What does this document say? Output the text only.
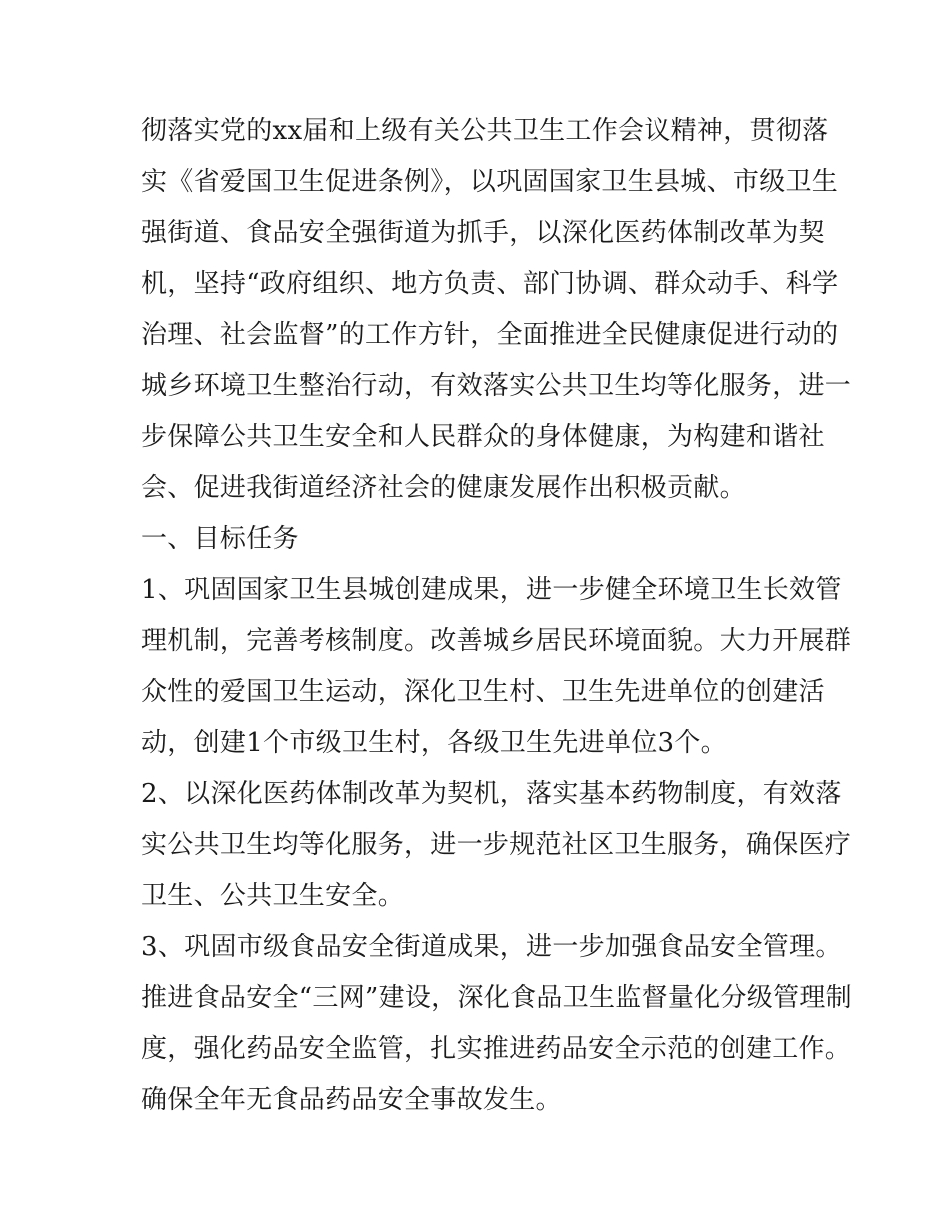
彻落实党的xx届和上级有关公共卫生工作会议精神，贯彻落
实《省爱国卫生促进条例》，以巩固国家卫生县城、市级卫生
强街道、食品安全强街道为抓手，以深化医药体制改革为契
机，坚持“政府组织、地方负责、部门协调、群众动手、科学
治理、社会监督”的工作方针，全面推进全民健康促进行动的
城乡环境卫生整治行动，有效落实公共卫生均等化服务，进一
步保障公共卫生安全和人民群众的身体健康，为构建和谐社
会、促进我街道经济社会的健康发展作出积极贡献。
一、目标任务
1、巩固国家卫生县城创建成果，进一步健全环境卫生长效管
理机制，完善考核制度。改善城乡居民环境面貌。大力开展群
众性的爱国卫生运动，深化卫生村、卫生先进单位的创建活
动，创建1个市级卫生村，各级卫生先进单位3个。
2、以深化医药体制改革为契机，落实基本药物制度，有效落
实公共卫生均等化服务，进一步规范社区卫生服务，确保医疗
卫生、公共卫生安全。
3、巩固市级食品安全街道成果，进一步加强食品安全管理。
推进食品安全“三网”建设，深化食品卫生监督量化分级管理制
度，强化药品安全监管，扎实推进药品安全示范的创建工作。
确保全年无食品药品安全事故发生。
